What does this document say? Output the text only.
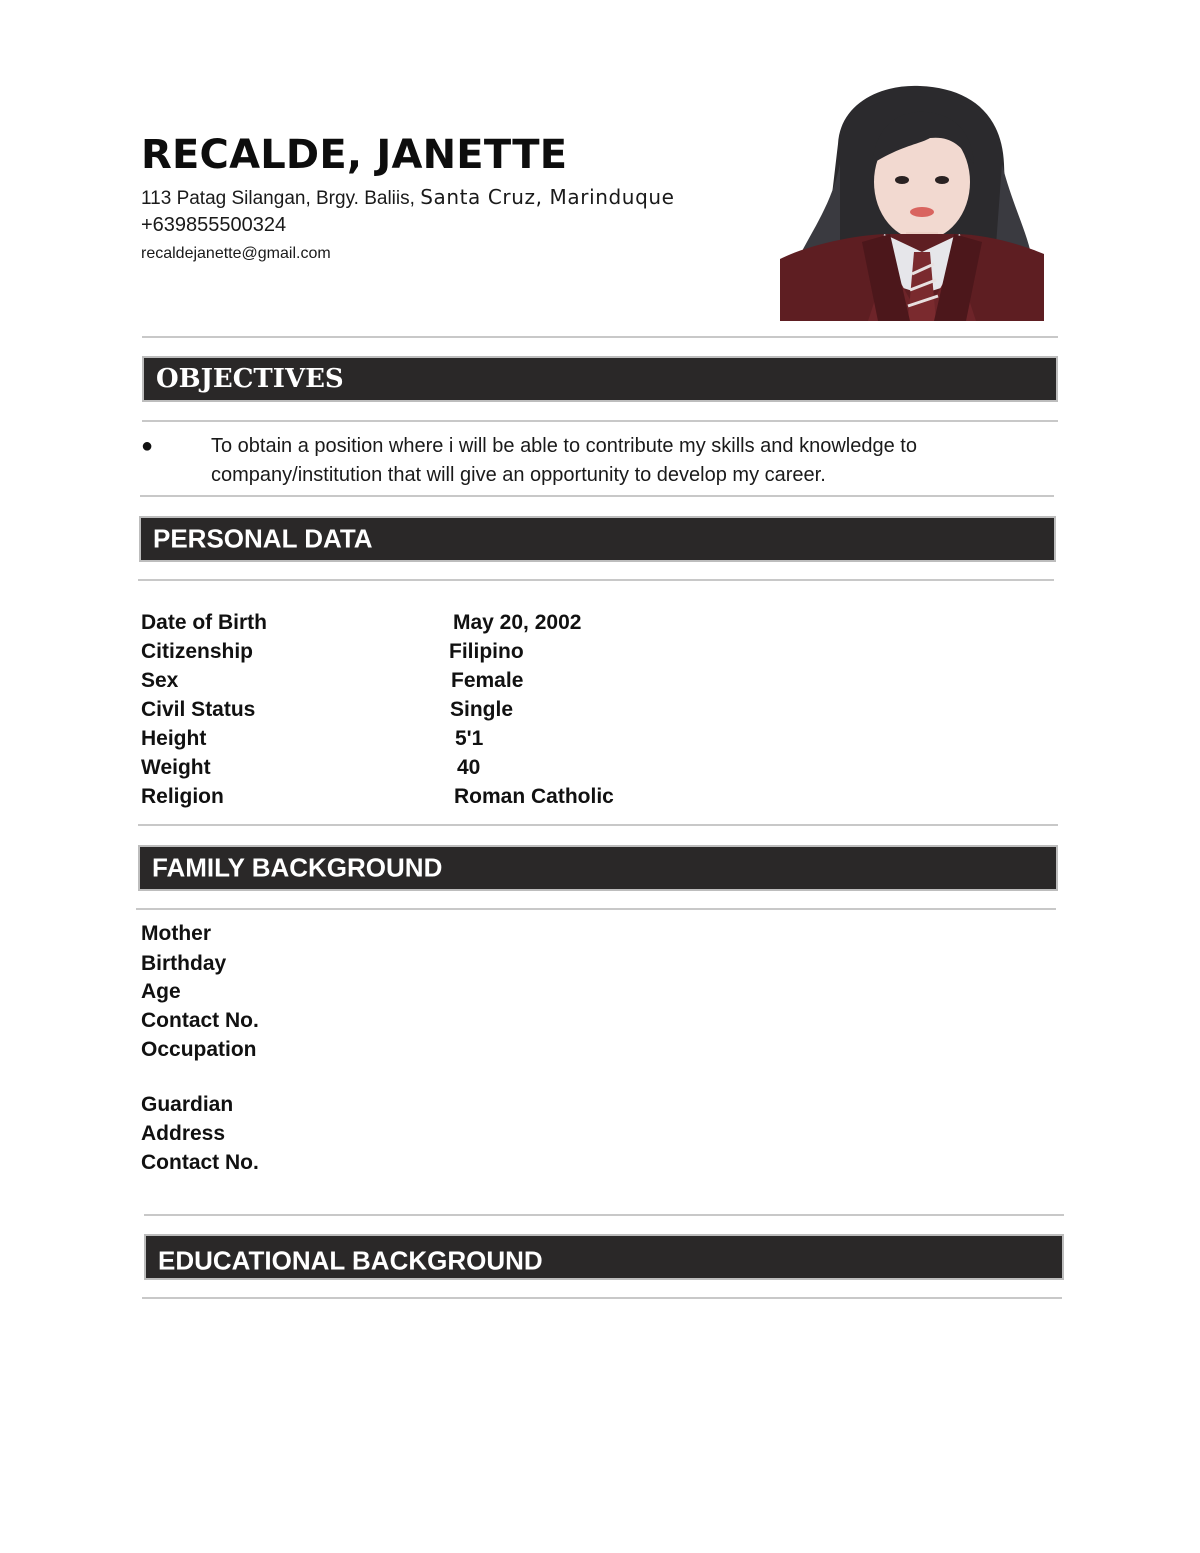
RECALDE, JANETTE
113 Patag Silangan, Brgy. Baliis, Santa Cruz, Marinduque
+639855500324
recaldejanette@gmail.com
OBJECTIVES
●	To obtain a position where i will be able to contribute my skills and knowledge to company/institution that will give an opportunity to develop my career.
PERSONAL DATA
Date of Birth	May 20, 2002
Citizenship	Filipino
Sex	Female
Civil Status	Single
Height	5'1
Weight	40
Religion	Roman Catholic
FAMILY BACKGROUND
Mother
Birthday
Age
Contact No.
Occupation
Guardian
Address
Contact No.
EDUCATIONAL BACKGROUND
